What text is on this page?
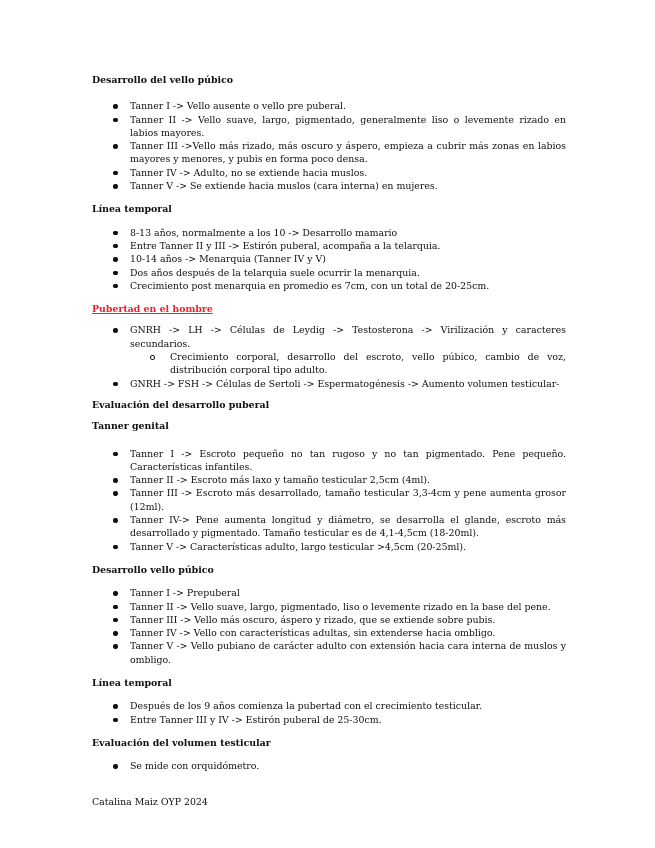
Desarrollo del vello púbico

Tanner I -> Vello ausente o vello pre puberal.
Tanner II -> Vello suave, largo, pigmentado, generalmente liso o levemente rizado en labios mayores.
Tanner III ->Vello más rizado, más oscuro y áspero, empieza a cubrir más zonas en labios mayores y menores, y pubis en forma poco densa.
Tanner IV -> Adulto, no se extiende hacia muslos.
Tanner V -> Se extiende hacia muslos (cara interna) en mujeres.

Línea temporal

8-13 años, normalmente a los 10 -> Desarrollo mamario
Entre Tanner II y III -> Estirón puberal, acompaña a la telarquia.
10-14 años -> Menarquia (Tanner IV y V)
Dos años después de la telarquia suele ocurrir la menarquia.
Crecimiento post menarquia en promedio es 7cm, con un total de 20-25cm.

Pubertad en el hombre

GNRH -> LH -> Células de Leydig -> Testosterona -> Virilización y caracteres secundarios.
Crecimiento corporal, desarrollo del escroto, vello púbico, cambio de voz, distribución corporal tipo adulto.
GNRH -> FSH -> Células de Sertoli -> Espermatogénesis -> Aumento volumen testicular-

Evaluación del desarrollo puberal

Tanner genital

Tanner I -> Escroto pequeño no tan rugoso y no tan pigmentado. Pene pequeño. Características infantiles.
Tanner II -> Escroto más laxo y tamaño testicular 2,5cm (4ml).
Tanner III -> Escroto más desarrollado, tamaño testicular 3,3-4cm y pene aumenta grosor (12ml).
Tanner IV-> Pene aumenta longitud y diámetro, se desarrolla el glande, escroto más desarrollado y pigmentado. Tamaño testicular es de 4,1-4,5cm (18-20ml).
Tanner V -> Características adulto, largo testicular >4,5cm (20-25ml).

Desarrollo vello púbico

Tanner I -> Prepuberal
Tanner II -> Vello suave, largo, pigmentado, liso o levemente rizado en la base del pene.
Tanner III -> Vello más oscuro, áspero y rizado, que se extiende sobre pubis.
Tanner IV -> Vello con características adultas, sin extenderse hacia ombligo.
Tanner V -> Vello pubiano de carácter adulto con extensión hacia cara interna de muslos y ombligo.

Línea temporal

Después de los 9 años comienza la pubertad con el crecimiento testicular.
Entre Tanner III y IV -> Estirón puberal de 25-30cm.

Evaluación del volumen testicular

Se mide con orquidómetro.

Catalina Maiz OYP 2024
